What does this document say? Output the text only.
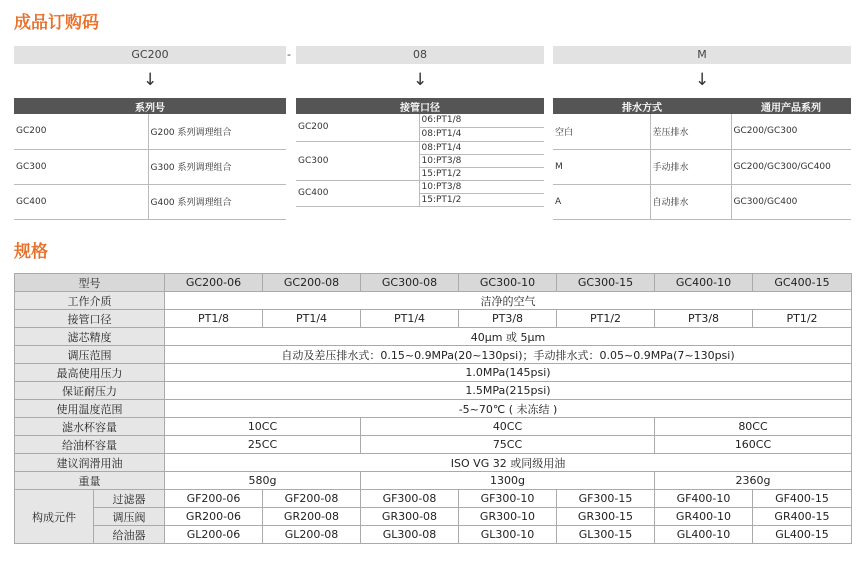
成品订购码
GC200	-	08	M
↓	↓	↓
系列号	
GC200	G200 系列调理组合
GC300	G300 系列调理组合
GC400	G400 系列调理组合
接管口径	
GC200	06:PT1/8
	08:PT1/4
GC300	08:PT1/4
	10:PT3/8
	15:PT1/2
GC400	10:PT3/8
	15:PT1/2
排水方式		通用产品系列
空白	差压排水	GC200/GC300
M	手动排水	GC200/GC300/GC400
A	自动排水	GC300/GC400
规格
型号		GC200-06	GC200-08	GC300-08	GC300-10	GC300-15	GC400-10	GC400-15
工作介质		洁净的空气						
接管口径		PT1/8	PT1/4	PT1/4	PT3/8	PT1/2	PT3/8	PT1/2
滤芯精度		40μm 或 5μm						
调压范围		自动及差压排水式：0.15~0.9MPa(20~130psi)；手动排水式：0.05~0.9MPa(7~130psi)						
最高使用压力		1.0MPa(145psi)						
保证耐压力		1.5MPa(215psi)						
使用温度范围		-5~70℃ ( 未冻结 )						
滤水杯容量		10CC		40CC			80CC	
给油杯容量		25CC		75CC			160CC	
建议润滑用油		ISO VG 32 或同级用油						
重量		580g		1300g			2360g	
构成元件	过滤器	GF200-06	GF200-08	GF300-08	GF300-10	GF300-15	GF400-10	GF400-15
	调压阀	GR200-06	GR200-08	GR300-08	GR300-10	GR300-15	GR400-10	GR400-15
	给油器	GL200-06	GL200-08	GL300-08	GL300-10	GL300-15	GL400-10	GL400-15
